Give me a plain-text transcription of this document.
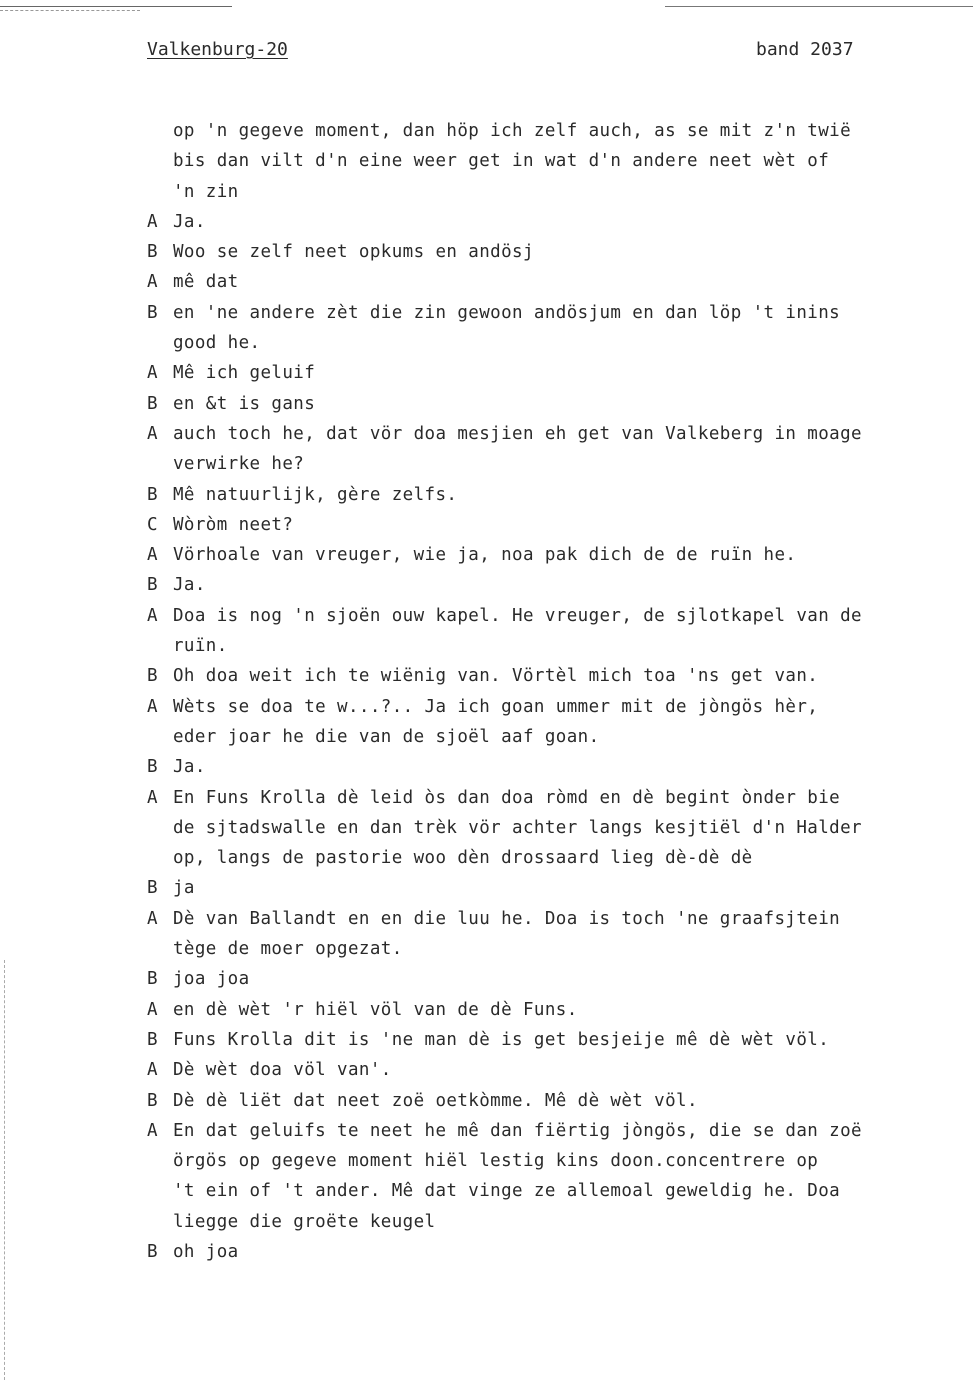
Valkenburg-20	band 2037
op 'n gegeve moment, dan höp ich zelf auch, as se mit z'n twië
bis dan vilt d'n eine weer get in wat d'n andere neet wèt of
'n zin
A Ja.
B Woo se zelf neet opkums en andösj
A mê dat
B en 'ne andere zèt die zin gewoon andösjum en dan löp 't inins
good he.
A Mê ich geluif
B en &t is gans
A auch toch he, dat vör doa mesjien eh get van Valkeberg in moage
verwirke he?
B Mê natuurlijk, gère zelfs.
C Wòròm neet?
A Vörhoale van vreuger, wie ja, noa pak dich de de ruïn he.
B Ja.
A Doa is nog 'n sjoën ouw kapel. He vreuger, de sjlotkapel van de
ruïn.
B Oh doa weit ich te wiënig van. Vörtèl mich toa 'ns get van.
A Wèts se doa te w...?.. Ja ich goan ummer mit de jòngös hèr,
eder joar he die van de sjoël aaf goan.
B Ja.
A En Funs Krolla dè leid òs dan doa ròmd en dè begint ònder bie
de sjtadswalle en dan trèk vör achter langs kesjtiël d'n Halder
op, langs de pastorie woo dèn drossaard lieg dè-dè dè
B ja
A Dè van Ballandt en en die luu he. Doa is toch 'ne graafsjtein
tège de moer opgezat.
B joa joa
A en dè wèt 'r hiël völ van de dè Funs.
B Funs Krolla dit is 'ne man dè is get besjeije mê dè wèt völ.
A Dè wèt doa völ van'.
B Dè dè liët dat neet zoë oetkòmme. Mê dè wèt völ.
A En dat geluifs te neet he mê dan fiërtig jòngös, die se dan zoë
örgös op gegeve moment hiël lestig kins doon.concentrere op
't ein of 't ander. Mê dat vinge ze allemoal geweldig he. Doa
liegge die groëte keugel
B oh joa
